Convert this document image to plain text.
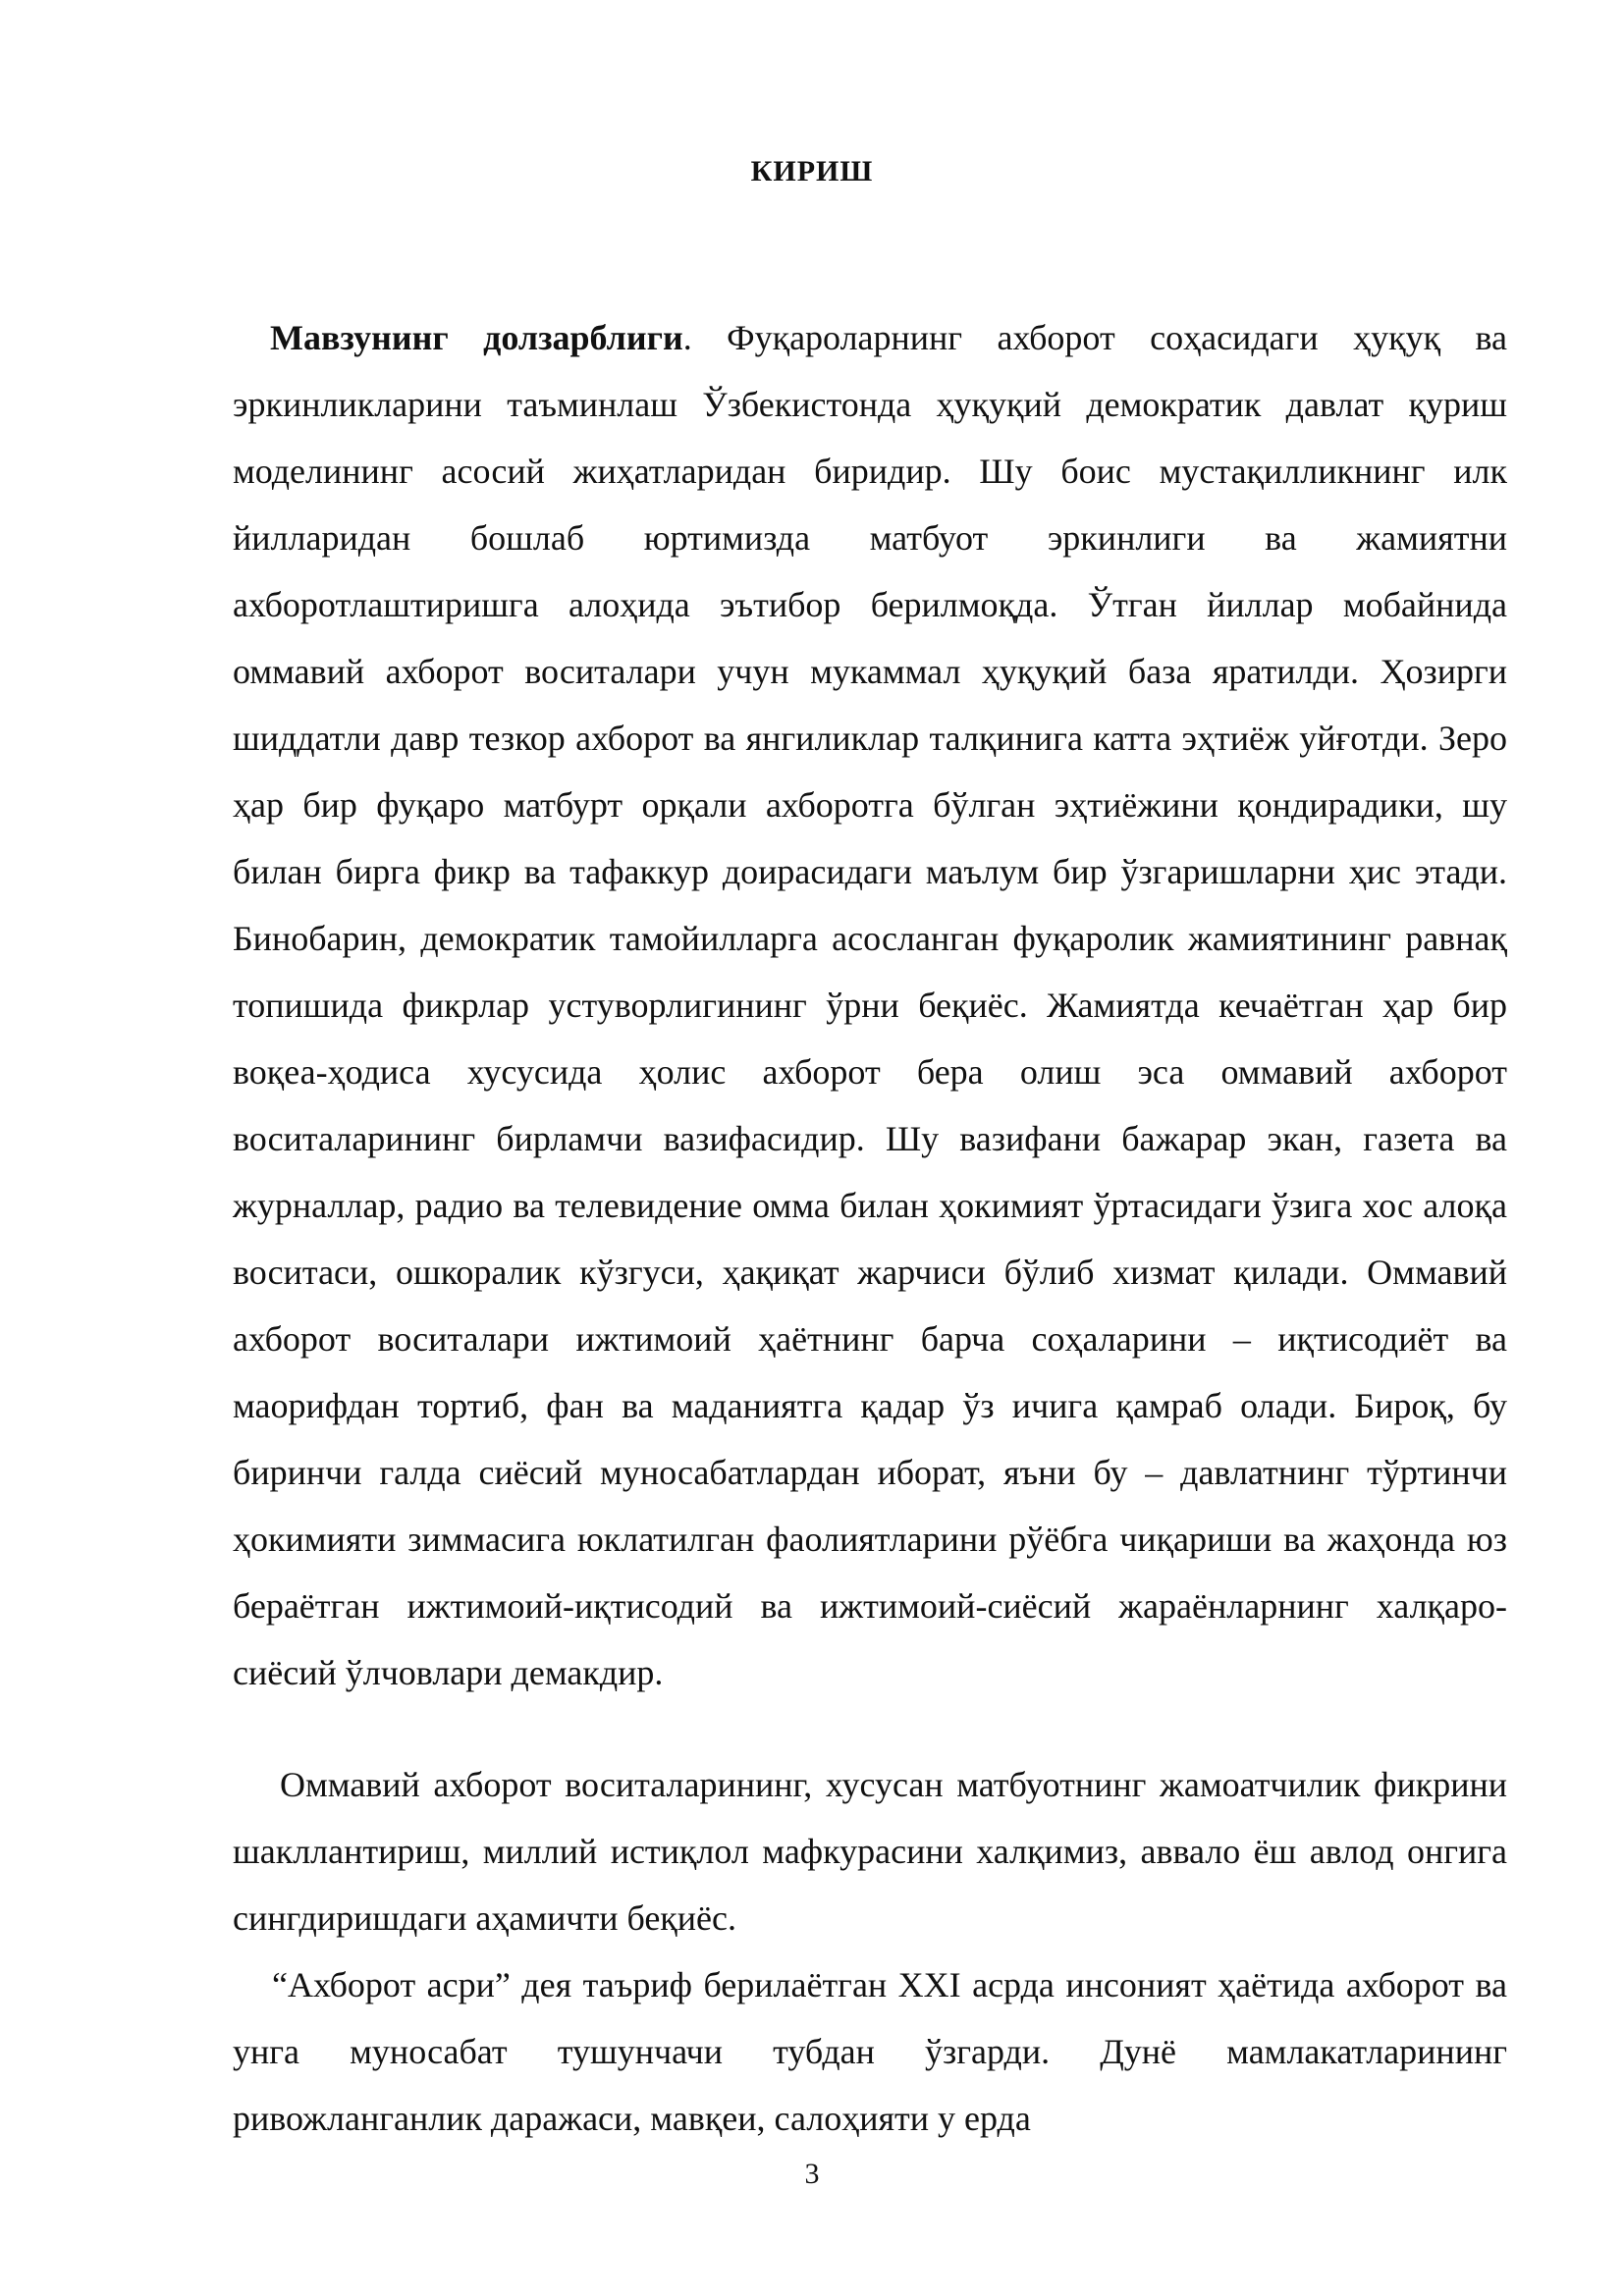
КИРИШ

Мавзунинг долзарблиги. Фуқароларнинг ахборот соҳасидаги ҳуқуқ ва эркинликларини таъминлаш Ўзбекистонда ҳуқуқий демократик давлат қуриш моделининг асосий жиҳатларидан биридир. Шу боис мустақилликнинг илк йилларидан бошлаб юртимизда матбуот эркинлиги ва жамиятни ахборотлаштиришга алоҳида эътибор берилмоқда. Ўтган йиллар мобайнида оммавий ахборот воситалари учун мукаммал ҳуқуқий база яратилди. Ҳозирги шиддатли давр тезкор ахборот ва янгиликлар талқинига катта эҳтиёж уйғотди. Зеро ҳар бир фуқаро матбурт орқали ахборотга бўлган эҳтиёжини қондирадики, шу билан бирга фикр ва тафаккур доирасидаги маълум бир ўзгаришларни ҳис этади. Бинобарин, демократик тамойилларга асосланган фуқаролик жамиятининг равнақ топишида фикрлар устуворлигининг ўрни беқиёс. Жамиятда кечаётган ҳар бир воқеа-ҳодиса хусусида ҳолис ахборот бера олиш эса оммавий ахборот воситаларининг бирламчи вазифасидир. Шу вазифани бажарар экан, газета ва журналлар, радио ва телевидение омма билан ҳокимият ўртасидаги ўзига хос алоқа воситаси, ошкоралик кўзгуси, ҳақиқат жарчиси бўлиб хизмат қилади. Оммавий ахборот воситалари ижтимоий ҳаётнинг барча соҳаларини – иқтисодиёт ва маорифдан тортиб, фан ва маданиятга қадар ўз ичига қамраб олади. Бироқ, бу биринчи галда сиёсий муносабатлардан иборат, яъни бу – давлатнинг тўртинчи ҳокимияти зиммасига юклатилган фаолиятларини рўёбга чиқариши ва жаҳонда юз бераётган ижтимоий-иқтисодий ва ижтимоий-сиёсий жараёнларнинг халқаро-сиёсий ўлчовлари демакдир.

Оммавий ахборот воситаларининг, хусусан матбуотнинг жамоатчилик фикрини шакллантириш, миллий истиқлол мафкурасини халқимиз, аввало ёш авлод онгига сингдиришдаги аҳамичти беқиёс.

“Ахборот асри” дея таъриф берилаётган XXI асрда инсоният ҳаётида ахборот ва унга муносабат тушунчачи тубдан ўзгарди. Дунё мамлакатларининг ривожланганлик даражаси, мавқеи, салоҳияти у ерда

3
